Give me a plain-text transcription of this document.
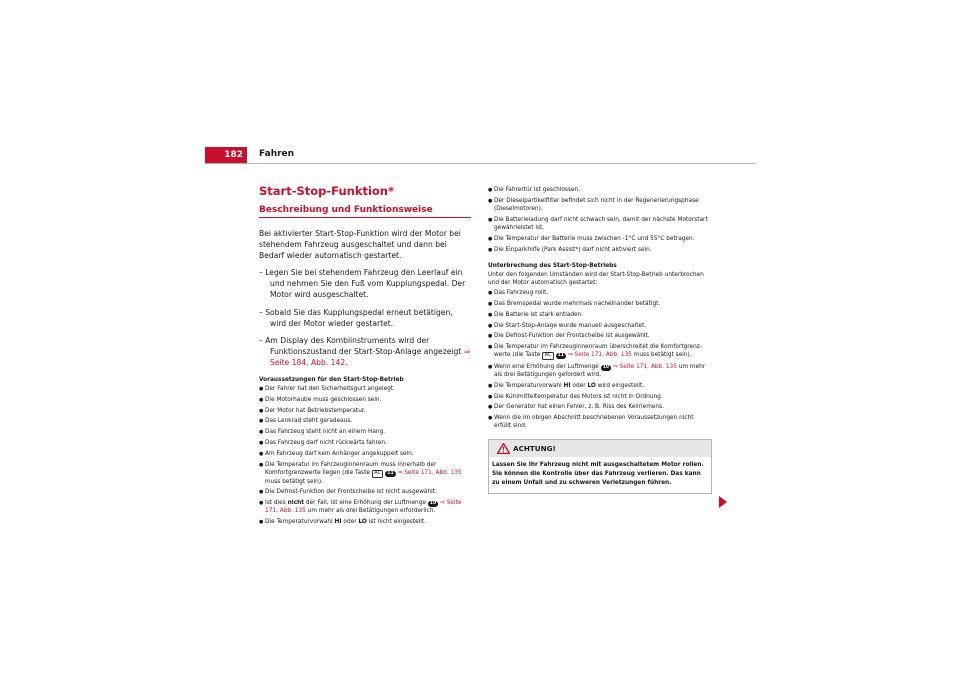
182	Fahren
Start-Stop-Funktion*
Beschreibung und Funktionsweise
Bei aktivierter Start-Stop-Funktion wird der Motor bei stehendem Fahrzeug ausgeschaltet und dann bei Bedarf wieder automatisch gestartet.
– Legen Sie bei stehendem Fahrzeug den Leerlauf ein und nehmen Sie den Fuß vom Kupplungspedal. Der Motor wird ausgeschaltet.
– Sobald Sie das Kupplungspedal erneut betätigen, wird der Motor wieder gestartet.
– Am Display des Kombiinstruments wird der Funktionszustand der Start-Stop-Anlage angezeigt ⇒ Seite 184, Abb. 142.
Voraussetzungen für den Start-Stop-Betrieb
● Der Fahrer hat den Sicherheitsgurt angelegt.
● Die Motorhaube muss geschlossen sein.
● Der Motor hat Betriebstemperatur.
● Das Lenkrad steht geradeaus.
● Das Fahrzeug steht nicht an einem Hang.
● Das Fahrzeug darf nicht rückwärts fahren.
● Am Fahrzeug darf kein Anhänger angekuppelt sein.
● Die Temperatur im Fahrzeuginnenraum muss innerhalb der Komfortgrenzwerte liegen (die Taste AC 11 ⇒ Seite 171, Abb. 135 muss betätigt sein).
● Die Defrost-Funktion der Frontscheibe ist nicht ausgewählt.
● Ist dies nicht der Fall, ist eine Erhöhung der Luftmenge 10 ⇒ Seite 171, Abb. 135 um mehr als drei Betätigungen erforderlich.
● Die Temperaturvorwahl HI oder LO ist nicht eingestellt.
● Die Fahrertür ist geschlossen.
● Der Dieselpartikelfilter befindet sich nicht in der Regenerierungsphase (Dieselmotoren).
● Die Batterieladung darf nicht schwach sein, damit der nächste Motorstart gewährleistet ist.
● Die Temperatur der Batterie muss zwischen -1°C und 55°C betragen.
● Die Einparkhilfe (Park Assist*) darf nicht aktiviert sein.
Unterbrechung des Start-Stop-Betriebs
Unter den folgenden Umständen wird der Start-Stop-Betrieb unterbrochen und der Motor automatisch gestartet:
● Das Fahrzeug rollt.
● Das Bremspedal wurde mehrmals nacheinander betätigt.
● Die Batterie ist stark entladen.
● Die Start-Stop-Anlage wurde manuell ausgeschaltet.
● Die Defrost-Funktion der Frontscheibe ist ausgewählt.
● Die Temperatur im Fahrzeuginnenraum überschreitet die Komfortgrenzwerte (die Taste AC 11 ⇒ Seite 171, Abb. 135 muss betätigt sein).
● Wenn eine Erhöhung der Luftmenge 10 ⇒ Seite 171, Abb. 135 um mehr als drei Betätigungen gefordert wird.
● Die Temperaturvorwahl HI oder LO wird eingestellt.
● Die Kühlmitteltemperatur des Motors ist nicht in Ordnung.
● Der Generator hat einen Fehler, z. B. Riss des Keilriemens.
● Wenn die im obigen Abschnitt beschriebenen Voraussetzungen nicht erfüllt sind.
ACHTUNG!
Lassen Sie Ihr Fahrzeug nicht mit ausgeschaltetem Motor rollen. Sie können die Kontrolle über das Fahrzeug verlieren. Das kann zu einem Unfall und zu schweren Verletzungen führen.
